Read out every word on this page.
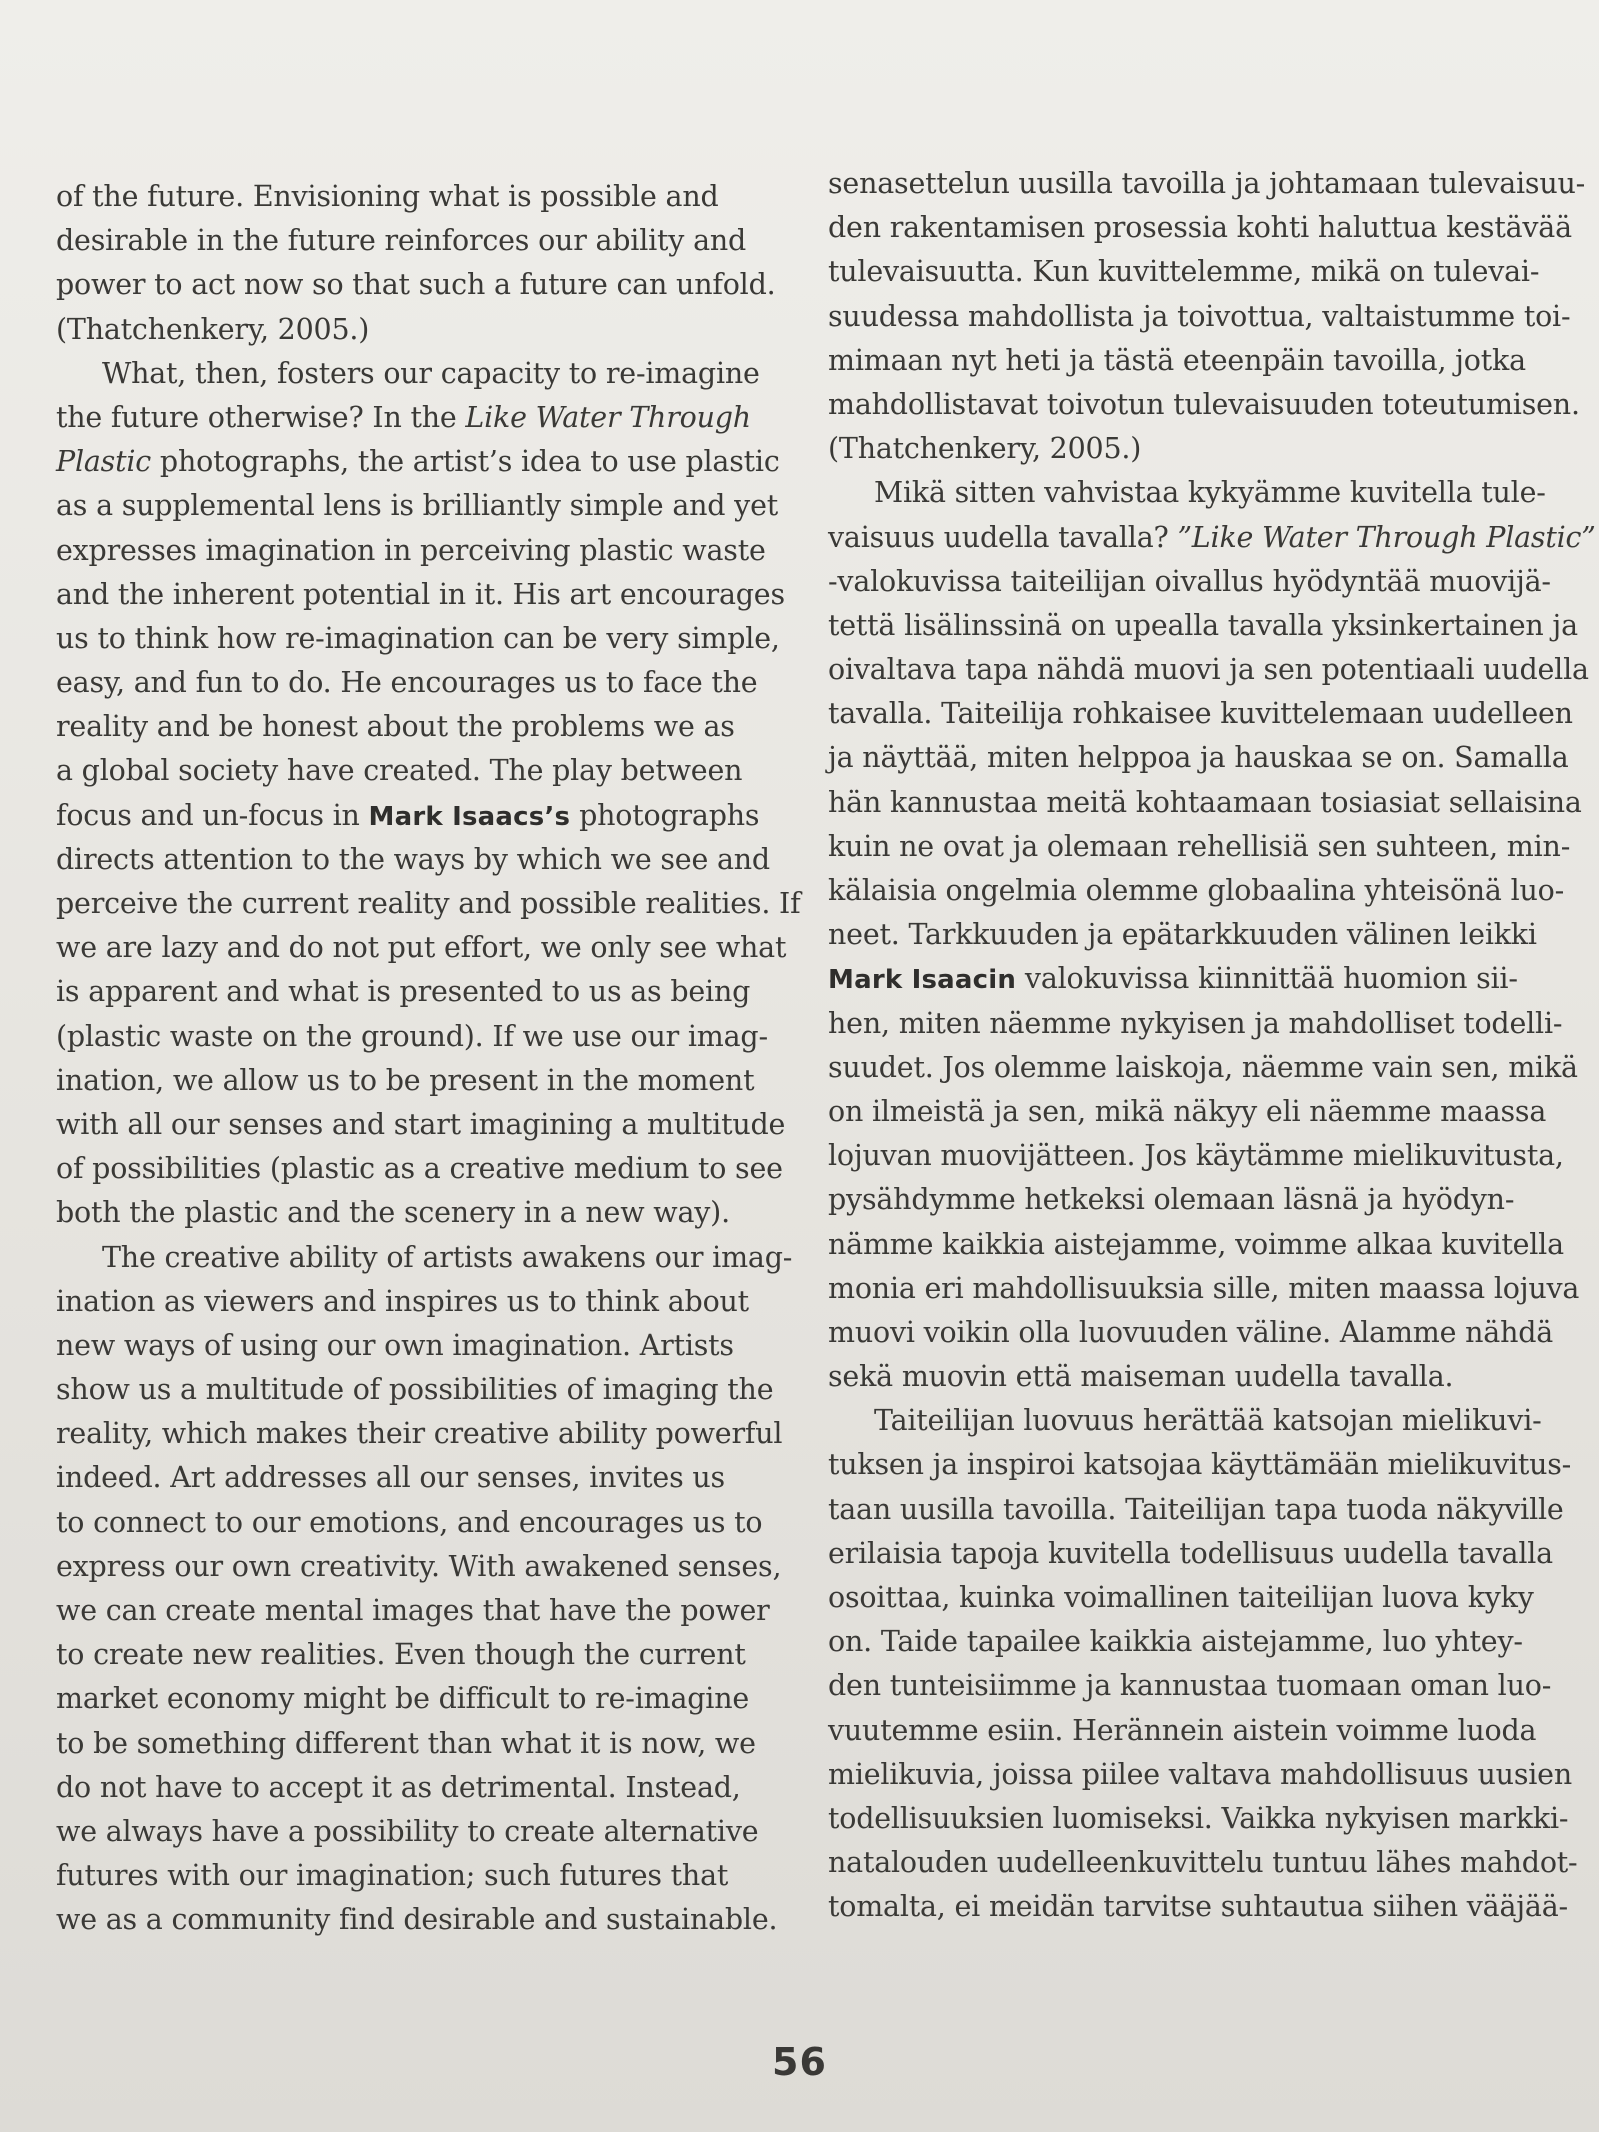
of the future. Envisioning what is possible and
desirable in the future reinforces our ability and
power to act now so that such a future can unfold.
(Thatchenkery, 2005.)
What, then, fosters our capacity to re-imagine
the future otherwise? In the Like Water Through
Plastic photographs, the artist’s idea to use plastic
as a supplemental lens is brilliantly simple and yet
expresses imagination in perceiving plastic waste
and the inherent potential in it. His art encourages
us to think how re-imagination can be very simple,
easy, and fun to do. He encourages us to face the
reality and be honest about the problems we as
a global society have created. The play between
focus and un-focus in Mark Isaacs’s photographs
directs attention to the ways by which we see and
perceive the current reality and possible realities. If
we are lazy and do not put effort, we only see what
is apparent and what is presented to us as being
(plastic waste on the ground). If we use our imag-
ination, we allow us to be present in the moment
with all our senses and start imagining a multitude
of possibilities (plastic as a creative medium to see
both the plastic and the scenery in a new way).
The creative ability of artists awakens our imag-
ination as viewers and inspires us to think about
new ways of using our own imagination. Artists
show us a multitude of possibilities of imaging the
reality, which makes their creative ability powerful
indeed. Art addresses all our senses, invites us
to connect to our emotions, and encourages us to
express our own creativity. With awakened senses,
we can create mental images that have the power
to create new realities. Even though the current
market economy might be difficult to re-imagine
to be something different than what it is now, we
do not have to accept it as detrimental. Instead,
we always have a possibility to create alternative
futures with our imagination; such futures that
we as a community find desirable and sustainable.
senasettelun uusilla tavoilla ja johtamaan tulevaisuu-
den rakentamisen prosessia kohti haluttua kestävää
tulevaisuutta. Kun kuvittelemme, mikä on tulevai-
suudessa mahdollista ja toivottua, valtaistumme toi-
mimaan nyt heti ja tästä eteenpäin tavoilla, jotka
mahdollistavat toivotun tulevaisuuden toteutumisen.
(Thatchenkery, 2005.)
Mikä sitten vahvistaa kykyämme kuvitella tule-
vaisuus uudella tavalla? ”Like Water Through Plastic”
-valokuvissa taiteilijan oivallus hyödyntää muovijä-
tettä lisälinssinä on upealla tavalla yksinkertainen ja
oivaltava tapa nähdä muovi ja sen potentiaali uudella
tavalla. Taiteilija rohkaisee kuvittelemaan uudelleen
ja näyttää, miten helppoa ja hauskaa se on. Samalla
hän kannustaa meitä kohtaamaan tosiasiat sellaisina
kuin ne ovat ja olemaan rehellisiä sen suhteen, min-
kälaisia ongelmia olemme globaalina yhteisönä luo-
neet. Tarkkuuden ja epätarkkuuden välinen leikki
Mark Isaacin valokuvissa kiinnittää huomion sii-
hen, miten näemme nykyisen ja mahdolliset todelli-
suudet. Jos olemme laiskoja, näemme vain sen, mikä
on ilmeistä ja sen, mikä näkyy eli näemme maassa
lojuvan muovijätteen. Jos käytämme mielikuvitusta,
pysähdymme hetkeksi olemaan läsnä ja hyödyn-
nämme kaikkia aistejamme, voimme alkaa kuvitella
monia eri mahdollisuuksia sille, miten maassa lojuva
muovi voikin olla luovuuden väline. Alamme nähdä
sekä muovin että maiseman uudella tavalla.
Taiteilijan luovuus herättää katsojan mielikuvi-
tuksen ja inspiroi katsojaa käyttämään mielikuvitus-
taan uusilla tavoilla. Taiteilijan tapa tuoda näkyville
erilaisia tapoja kuvitella todellisuus uudella tavalla
osoittaa, kuinka voimallinen taiteilijan luova kyky
on. Taide tapailee kaikkia aistejamme, luo yhtey-
den tunteisiimme ja kannustaa tuomaan oman luo-
vuutemme esiin. Herännein aistein voimme luoda
mielikuvia, joissa piilee valtava mahdollisuus uusien
todellisuuksien luomiseksi. Vaikka nykyisen markki-
natalouden uudelleenkuvittelu tuntuu lähes mahdot-
tomalta, ei meidän tarvitse suhtautua siihen vääjää-
56
